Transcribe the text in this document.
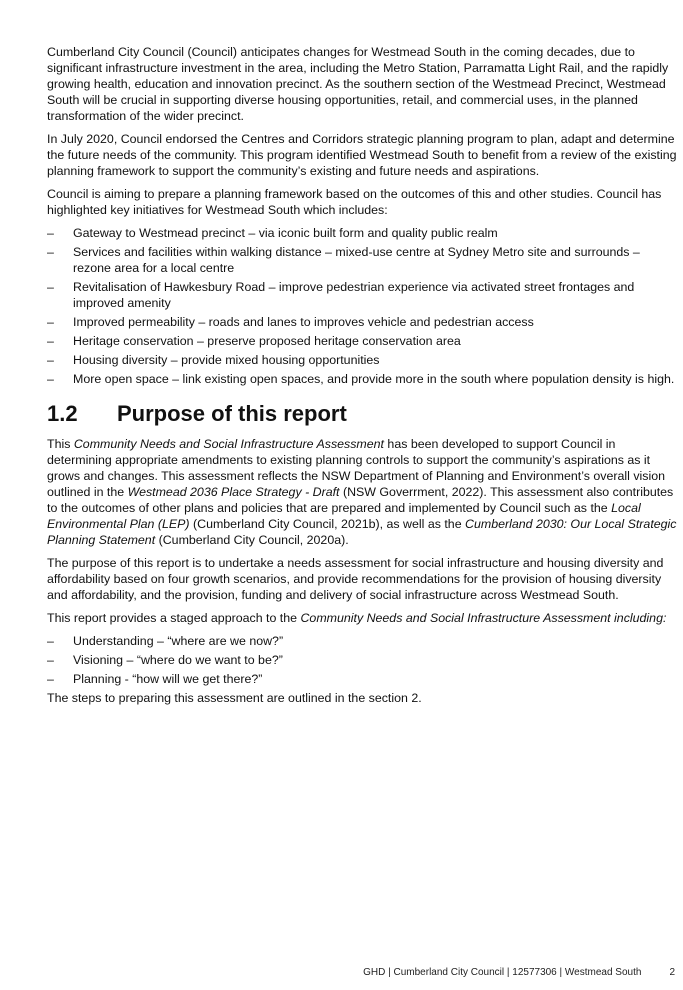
Cumberland City Council (Council) anticipates changes for Westmead South in the coming decades, due to significant infrastructure investment in the area, including the Metro Station, Parramatta Light Rail, and the rapidly growing health, education and innovation precinct. As the southern section of the Westmead Precinct, Westmead South will be crucial in supporting diverse housing opportunities, retail, and commercial uses, in the planned transformation of the wider precinct.

In July 2020, Council endorsed the Centres and Corridors strategic planning program to plan, adapt and determine the future needs of the community. This program identified Westmead South to benefit from a review of the existing planning framework to support the community’s existing and future needs and aspirations.

Council is aiming to prepare a planning framework based on the outcomes of this and other studies. Council has highlighted key initiatives for Westmead South which includes:

– Gateway to Westmead precinct – via iconic built form and quality public realm
– Services and facilities within walking distance – mixed-use centre at Sydney Metro site and surrounds – rezone area for a local centre
– Revitalisation of Hawkesbury Road – improve pedestrian experience via activated street frontages and improved amenity
– Improved permeability – roads and lanes to improves vehicle and pedestrian access
– Heritage conservation – preserve proposed heritage conservation area
– Housing diversity – provide mixed housing opportunities
– More open space – link existing open spaces, and provide more in the south where population density is high.
1.2	Purpose of this report

This Community Needs and Social Infrastructure Assessment has been developed to support Council in determining appropriate amendments to existing planning controls to support the community’s aspirations as it grows and changes. This assessment reflects the NSW Department of Planning and Environment’s overall vision outlined in the Westmead 2036 Place Strategy - Draft (NSW Goverrment, 2022). This assessment also contributes to the outcomes of other plans and policies that are prepared and implemented by Council such as the Local Environmental Plan (LEP) (Cumberland City Council, 2021b), as well as the Cumberland 2030: Our Local Strategic Planning Statement (Cumberland City Council, 2020a).

The purpose of this report is to undertake a needs assessment for social infrastructure and housing diversity and affordability based on four growth scenarios, and provide recommendations for the provision of housing diversity and affordability, and the provision, funding and delivery of social infrastructure across Westmead South.

This report provides a staged approach to the Community Needs and Social Infrastructure Assessment including:

– Understanding – “where are we now?”
– Visioning – “where do we want to be?”
– Planning - “how will we get there?”

The steps to preparing this assessment are outlined in the section 2.

GHD | Cumberland City Council | 12577306 | Westmead South	2
